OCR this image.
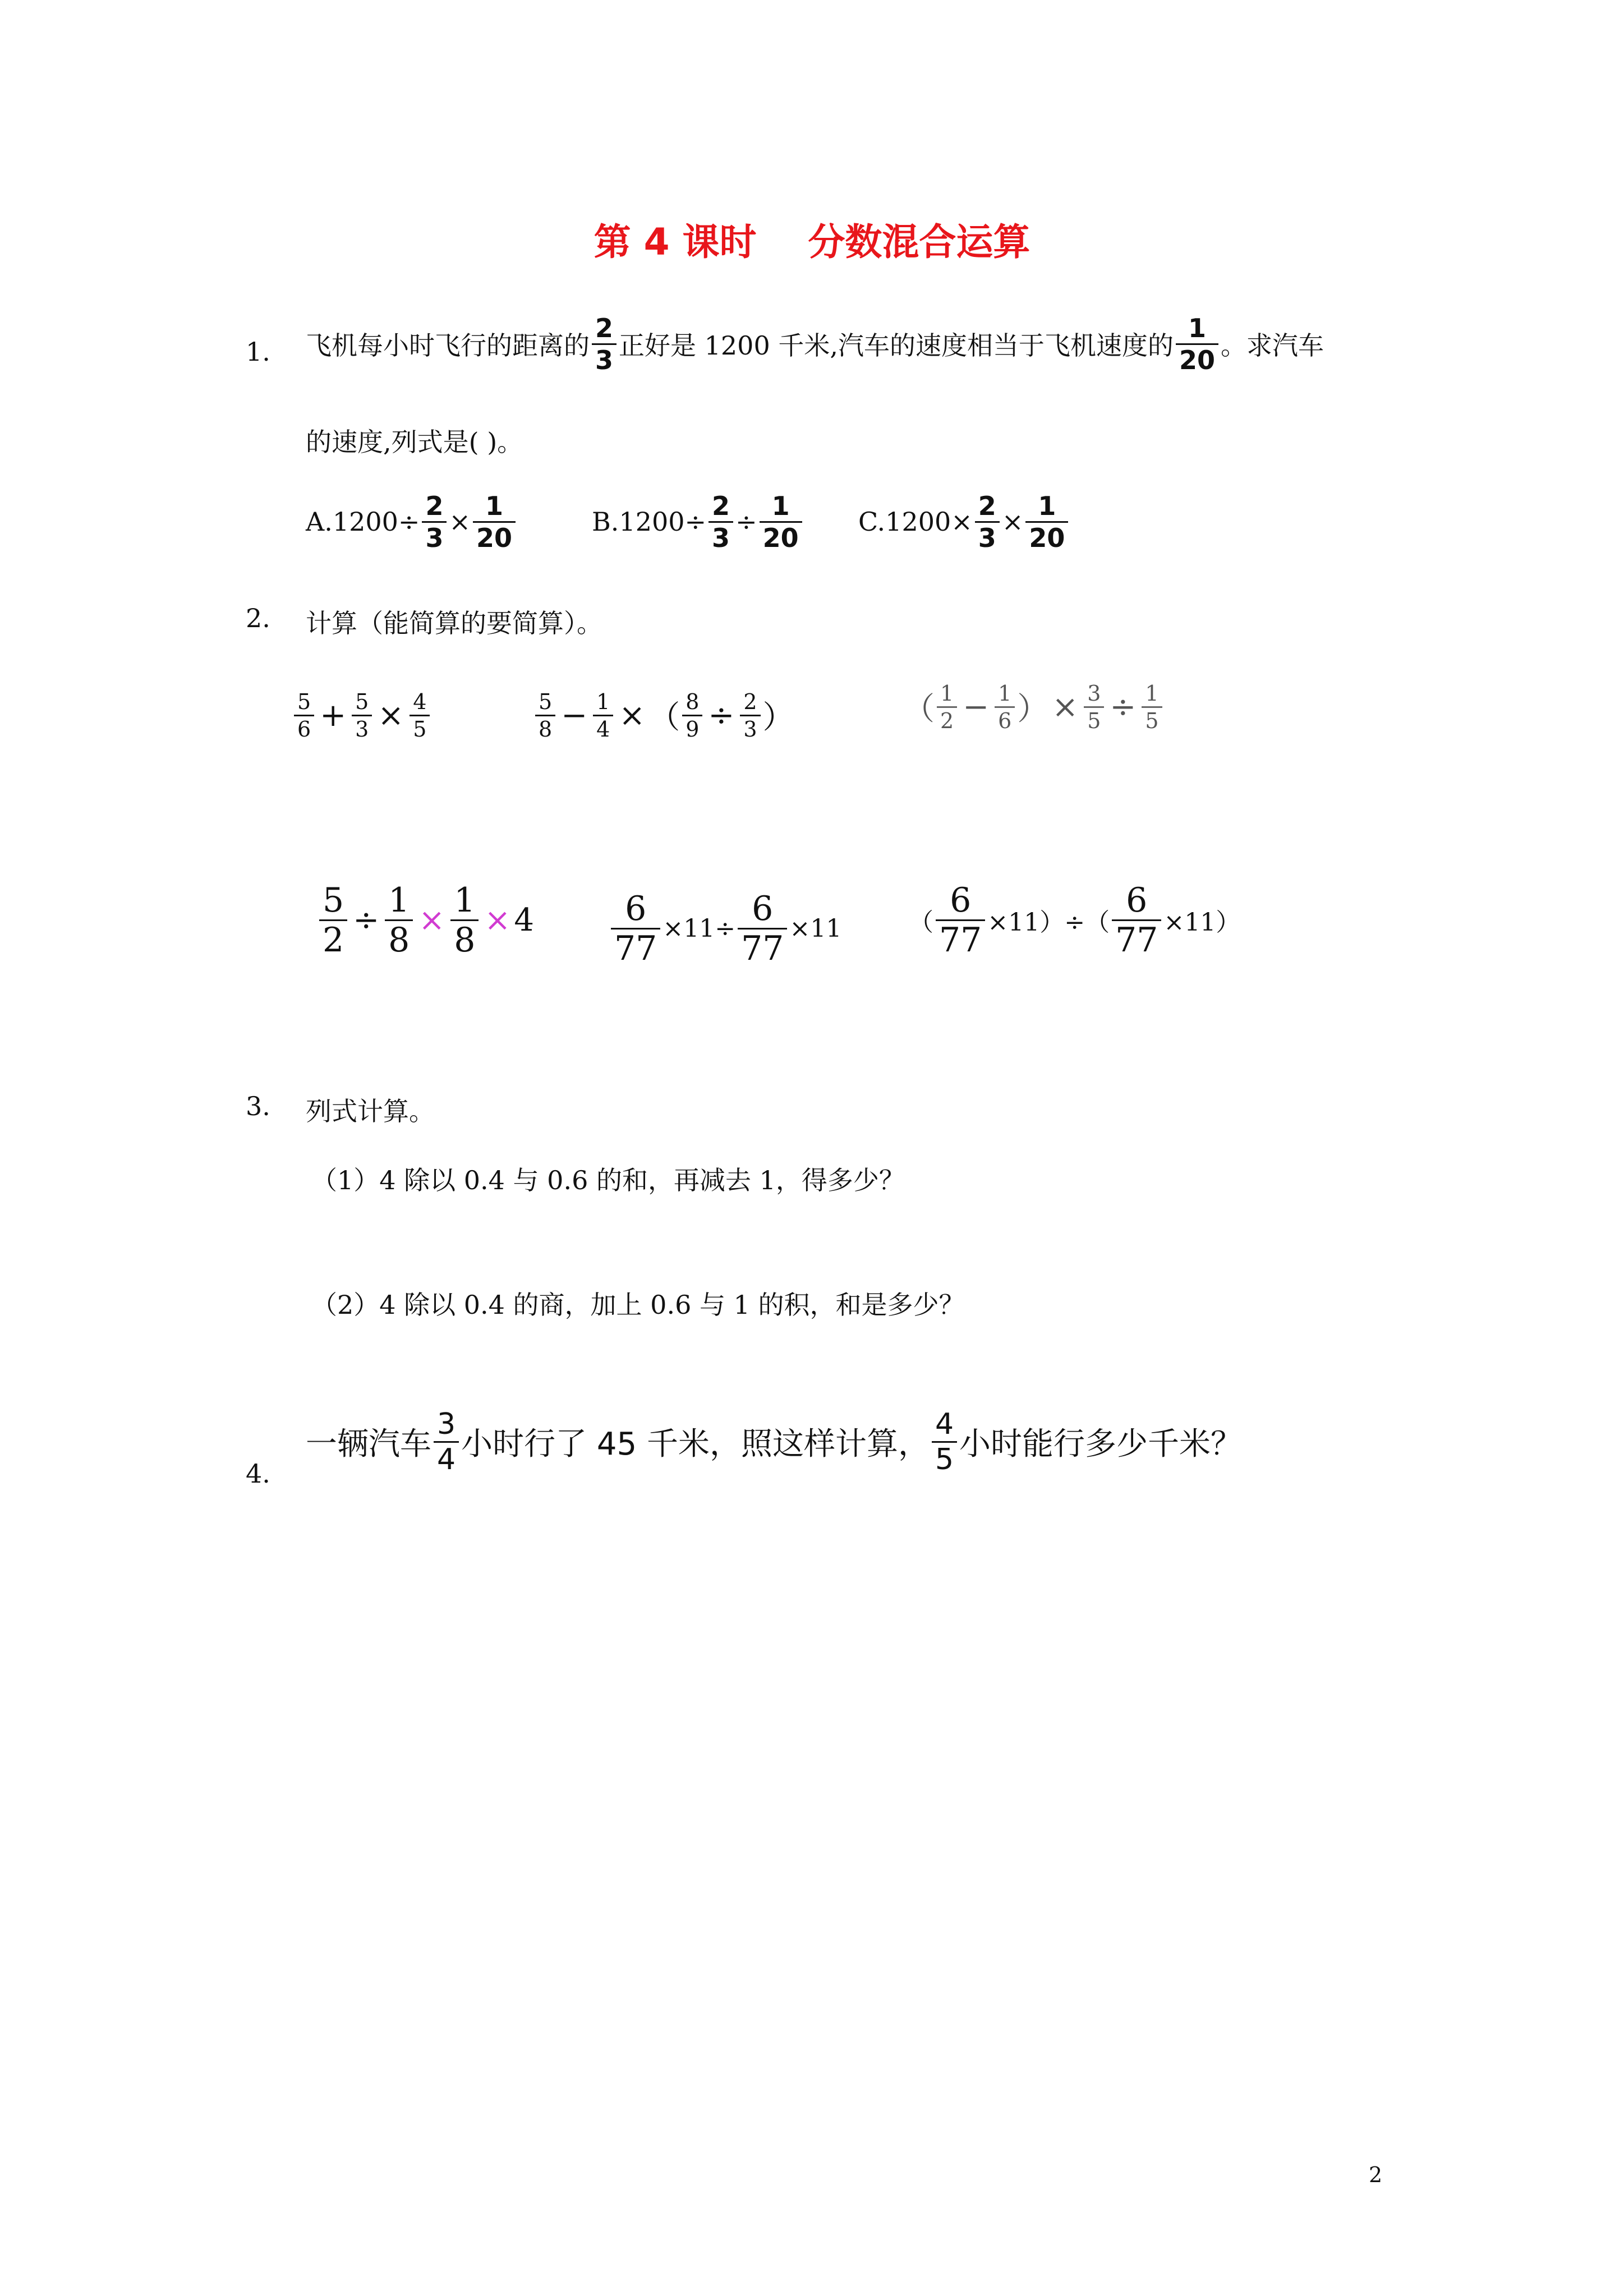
第 4 课时    分数混合运算
1. 飞机每小时飞行的距离的 $\frac{2}{3}$ 正好是 1200 千米,汽车的速度相当于飞机速度的 $\frac{1}{20}$ 。求汽车
的速度,列式是( )。
$A.1200\div \frac{2}{3} \times \frac{1}{20}$	$B.1200\div \frac{2}{3} \div \frac{1}{20} C.1200\times \frac{2}{3} \times \frac{1}{20}$
2. 计算（能简算的要简算）。
$\frac{5}{6} + \frac{5}{3} \times \frac{4}{5}$	$\frac{5}{8} - \frac{1}{4}$ × （ $\frac{8}{9} \div \frac{2}{3}$ ）	（ $\frac{1}{2} - \frac{1}{6}$ ） × $\frac{3}{5} \div \frac{1}{5}$
$\frac{5}{2} \div \frac{1}{8} \times \frac{1}{8} \times 4 \frac{6}{77} \times 11\div \frac{6}{77} \times 11$	（ $\frac{6}{77} \times 11)\div( \frac{6}{77} \times 11)$
3. 列式计算。
（1）4 除以 0.4 与 0.6 的和，再减去 1，得多少？
（2）4 除以 0.4 的商，加上 0.6 与 1 的积，和是多少？
4.
一辆汽车 $\frac{3}{4}$ 小时行了 45 千米，照这样计算， $\frac{4}{5}$ 小时能行多少千米？
2
